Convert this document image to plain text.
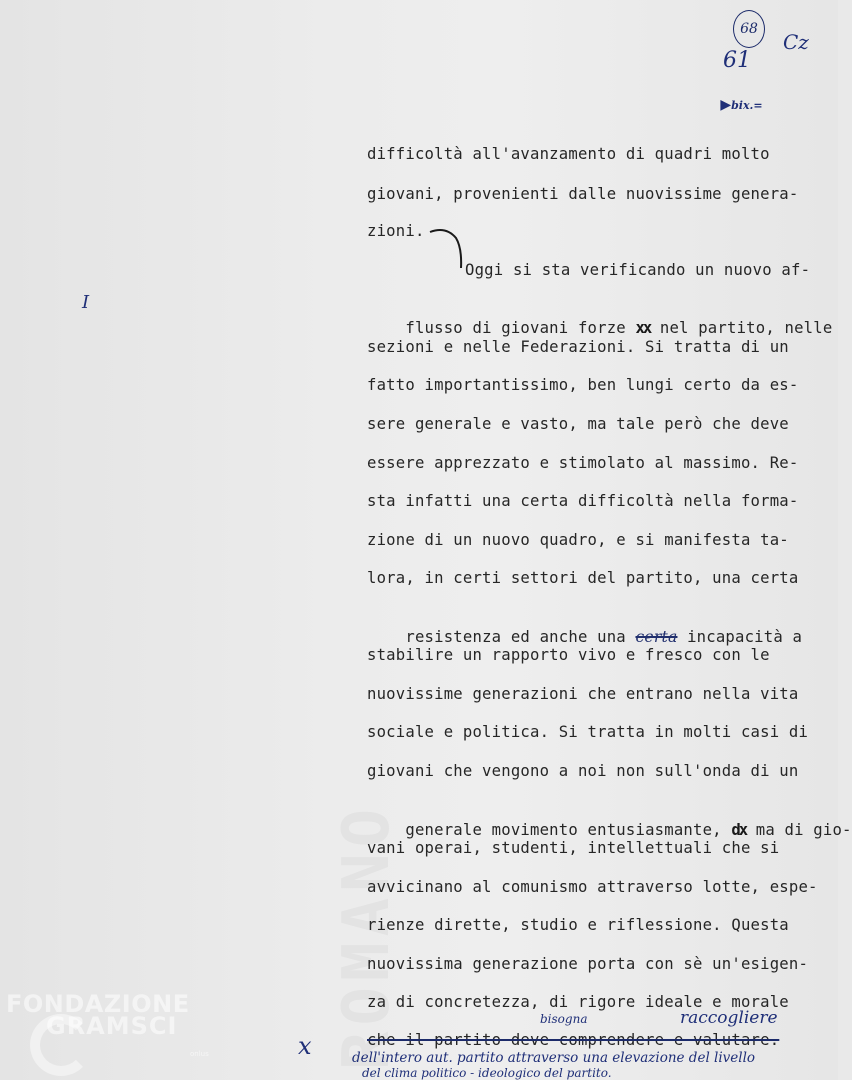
ROMANO
68
Cz
61

▶bix.=

I
x
difficoltà all'avanzamento di quadri molto
giovani, provenienti dalle nuovissime genera-
zioni.
Oggi si sta verificando un nuovo af-

flusso di giovani forze xx nel partito, nelle

sezioni e nelle Federazioni. Si tratta di un
fatto importantissimo, ben lungi certo da es-
sere generale e vasto, ma tale però che deve
essere apprezzato e stimolato al massimo. Re-
sta infatti una certa difficoltà nella forma-
zione di un nuovo quadro, e si manifesta ta-
lora, in certi settori del partito, una certa

resistenza ed anche una certa incapacità a

stabilire un rapporto vivo e fresco con le
nuovissime generazioni che entrano nella vita
sociale e politica. Si tratta in molti casi di
giovani che vengono a noi non sull'onda di un

generale movimento entusiasmante, dx ma di gio-

vani operai, studenti, intellettuali che si
avvicinano al comunismo attraverso lotte, espe-
rienze dirette, studio e riflessione. Questa
nuovissima generazione porta con sè un'esigen-
za di concretezza, di rigore ideale e morale
che il partito deve comprendere e valutare.
bisogna	raccogliere
dell'intero aut. partito attraverso una elevazione del livello
del clima politico - ideologico del partito.
FONDAZIONE
GRAMSCI
onlus
